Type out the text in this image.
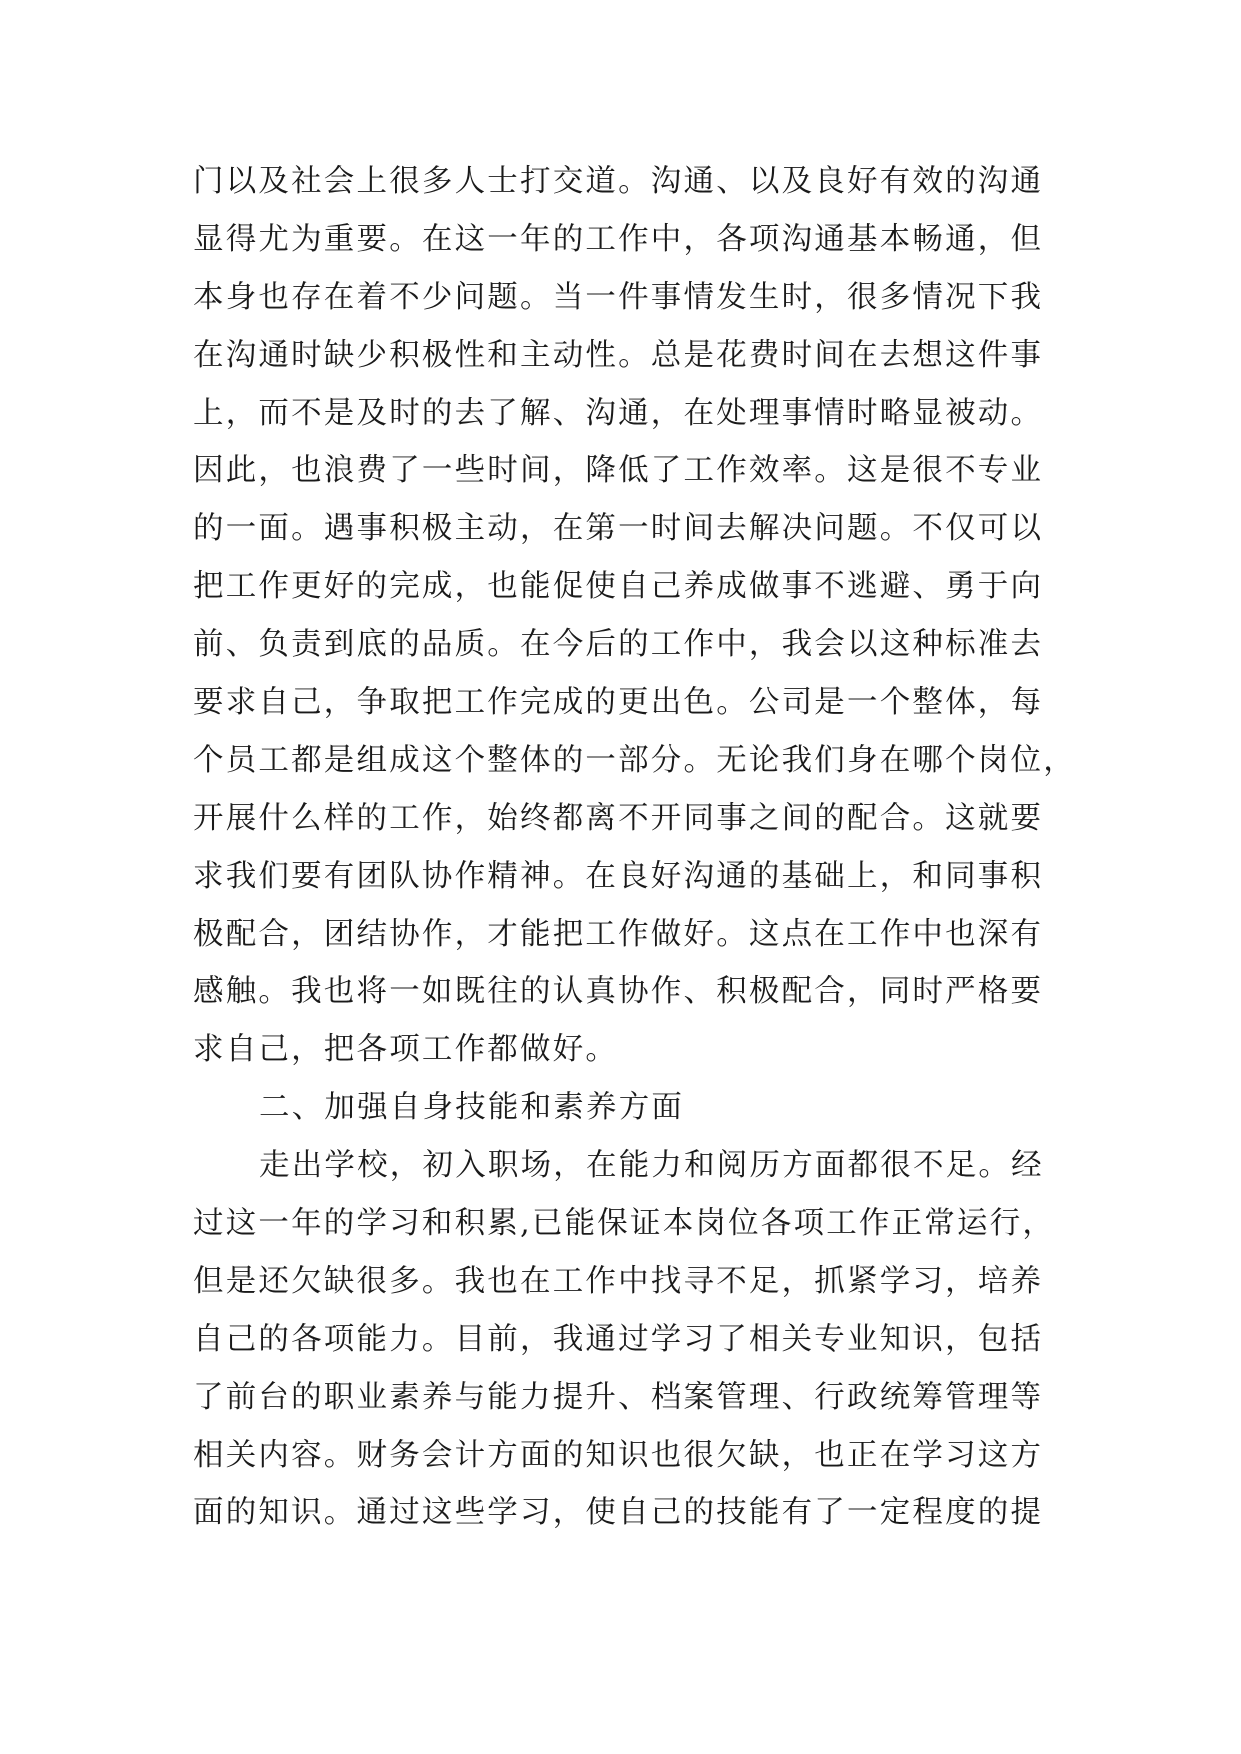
门以及社会上很多人士打交道。沟通、以及良好有效的沟通
显得尤为重要。在这一年的工作中，各项沟通基本畅通，但
本身也存在着不少问题。当一件事情发生时，很多情况下我
在沟通时缺少积极性和主动性。总是花费时间在去想这件事
上，而不是及时的去了解、沟通，在处理事情时略显被动。
因此，也浪费了一些时间，降低了工作效率。这是很不专业
的一面。遇事积极主动，在第一时间去解决问题。不仅可以
把工作更好的完成，也能促使自己养成做事不逃避、勇于向
前、负责到底的品质。在今后的工作中，我会以这种标准去
要求自己，争取把工作完成的更出色。公司是一个整体，每
个员工都是组成这个整体的一部分。无论我们身在哪个岗位，
开展什么样的工作，始终都离不开同事之间的配合。这就要
求我们要有团队协作精神。在良好沟通的基础上，和同事积
极配合，团结协作，才能把工作做好。这点在工作中也深有
感触。我也将一如既往的认真协作、积极配合，同时严格要
求自己，把各项工作都做好。
二、加强自身技能和素养方面
走出学校，初入职场，在能力和阅历方面都很不足。经
过这一年的学习和积累,已能保证本岗位各项工作正常运行，
但是还欠缺很多。我也在工作中找寻不足，抓紧学习，培养
自己的各项能力。目前，我通过学习了相关专业知识，包括
了前台的职业素养与能力提升、档案管理、行政统筹管理等
相关内容。财务会计方面的知识也很欠缺，也正在学习这方
面的知识。通过这些学习，使自己的技能有了一定程度的提
